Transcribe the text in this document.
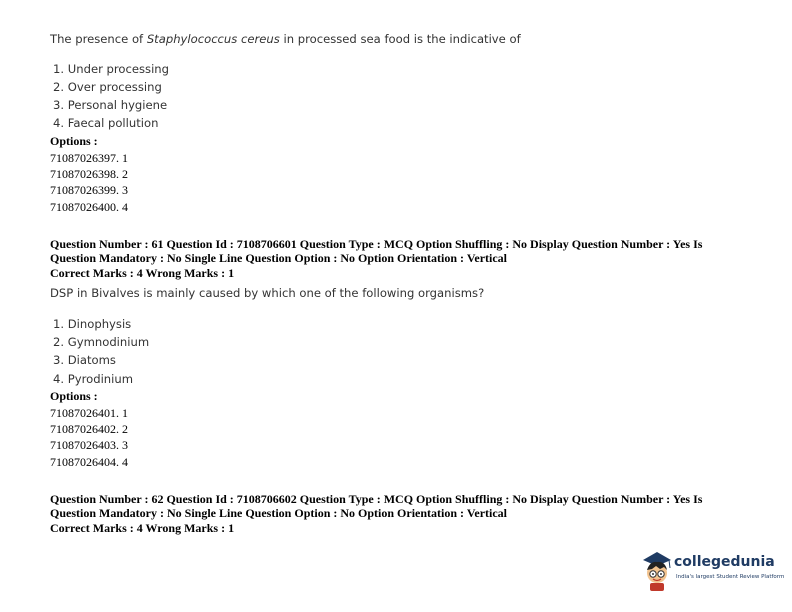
The presence of Staphylococcus cereus in processed sea food is the indicative of
1. Under processing
2. Over processing
3. Personal hygiene
4. Faecal pollution
Options :
71087026397. 1
71087026398. 2
71087026399. 3
71087026400. 4
Question Number : 61 Question Id : 7108706601 Question Type : MCQ Option Shuffling : No Display Question Number : Yes Is
Question Mandatory : No Single Line Question Option : No Option Orientation : Vertical
Correct Marks : 4 Wrong Marks : 1
DSP in Bivalves is mainly caused by which one of the following organisms?
1. Dinophysis
2. Gymnodinium
3. Diatoms
4. Pyrodinium
Options :
71087026401. 1
71087026402. 2
71087026403. 3
71087026404. 4
Question Number : 62 Question Id : 7108706602 Question Type : MCQ Option Shuffling : No Display Question Number : Yes Is
Question Mandatory : No Single Line Question Option : No Option Orientation : Vertical
Correct Marks : 4 Wrong Marks : 1
collegedunia
India's largest Student Review Platform
